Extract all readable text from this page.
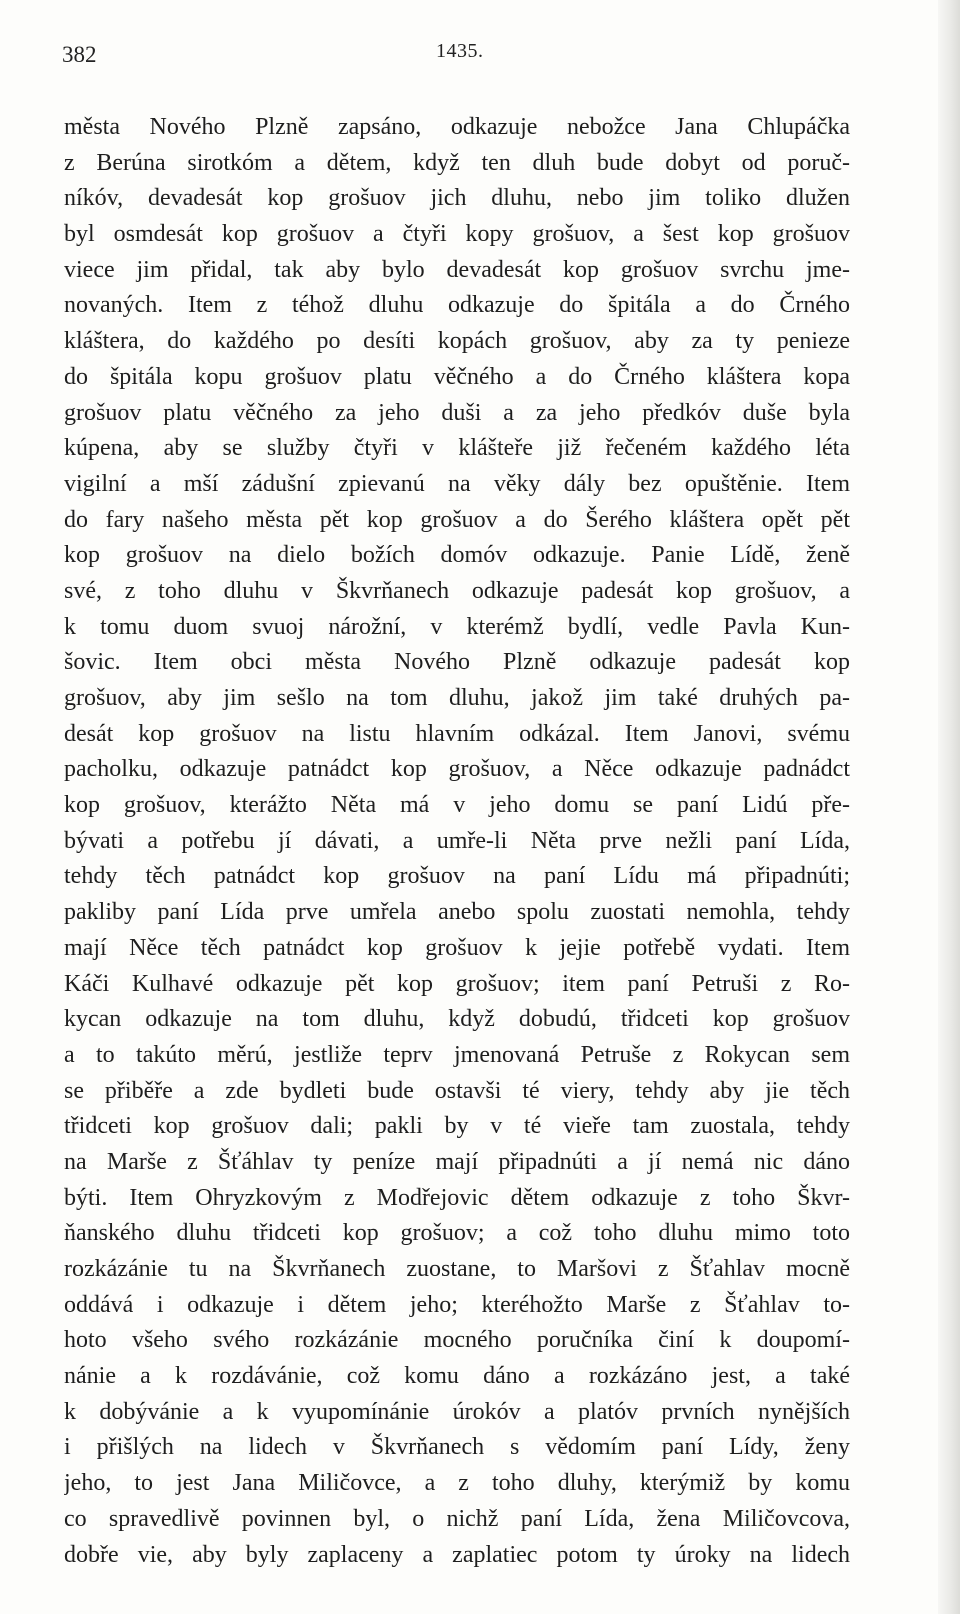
382	1435.
města Nového Plzně zapsáno, odkazuje nebožce Jana Chlupáčka
z Berúna sirotkóm a dětem, když ten dluh bude dobyt od poruč-
níkóv, devadesát kop grošuov jich dluhu, nebo jim toliko dlužen
byl osmdesát kop grošuov a čtyři kopy grošuov, a šest kop grošuov
viece jim přidal, tak aby bylo devadesát kop grošuov svrchu jme-
novaných. Item z téhož dluhu odkazuje do špitála a do Črného
kláštera, do každého po desíti kopách grošuov, aby za ty penieze
do špitála kopu grošuov platu věčného a do Črného kláštera kopa
grošuov platu věčného za jeho duši a za jeho předkóv duše byla
kúpena, aby se služby čtyři v klášteře již řečeném každého léta
vigilní a mší zádušní zpievanú na věky dály bez opuštěnie. Item
do fary našeho města pět kop grošuov a do Šerého kláštera opět pět
kop grošuov na dielo božích domóv odkazuje. Panie Lídě, ženě
své, z toho dluhu v Škvrňanech odkazuje padesát kop grošuov, a
k tomu duom svuoj nárožní, v kterémž bydlí, vedle Pavla Kun-
šovic. Item obci města Nového Plzně odkazuje padesát kop
grošuov, aby jim sešlo na tom dluhu, jakož jim také druhých pa-
desát kop grošuov na listu hlavním odkázal. Item Janovi, svému
pacholku, odkazuje patnádct kop grošuov, a Něce odkazuje padnádct
kop grošuov, kterážto Něta má v jeho domu se paní Lidú pře-
bývati a potřebu jí dávati, a umře-li Něta prve nežli paní Lída,
tehdy těch patnádct kop grošuov na paní Lídu má připadnúti;
pakliby paní Lída prve umřela anebo spolu zuostati nemohla, tehdy
mají Něce těch patnádct kop grošuov k jejie potřebě vydati. Item
Káči Kulhavé odkazuje pět kop grošuov; item paní Petruši z Ro-
kycan odkazuje na tom dluhu, když dobudú, třidceti kop grošuov
a to takúto měrú, jestliže teprv jmenovaná Petruše z Rokycan sem
se přiběře a zde bydleti bude ostavši té viery, tehdy aby jie těch
třidceti kop grošuov dali; pakli by v té vieře tam zuostala, tehdy
na Marše z Šťáhlav ty peníze mají připadnúti a jí nemá nic dáno
býti. Item Ohryzkovým z Modřejovic dětem odkazuje z toho Škvr-
ňanského dluhu třidceti kop grošuov; a což toho dluhu mimo toto
rozkázánie tu na Škvrňanech zuostane, to Maršovi z Šťahlav mocně
oddává i odkazuje i dětem jeho; kteréhožto Marše z Šťahlav to-
hoto všeho svého rozkázánie mocného poručníka činí k doupomí-
nánie a k rozdávánie, což komu dáno a rozkázáno jest, a také
k dobývánie a k vyupomínánie úrokóv a platóv prvních nynějších
i přišlých na lidech v Škvrňanech s vědomím paní Lídy, ženy
jeho, to jest Jana Miličovce, a z toho dluhy, kterýmiž by komu
co spravedlivě povinnen byl, o nichž paní Lída, žena Miličovcova,
dobře vie, aby byly zaplaceny a zaplatiec potom ty úroky na lidech
